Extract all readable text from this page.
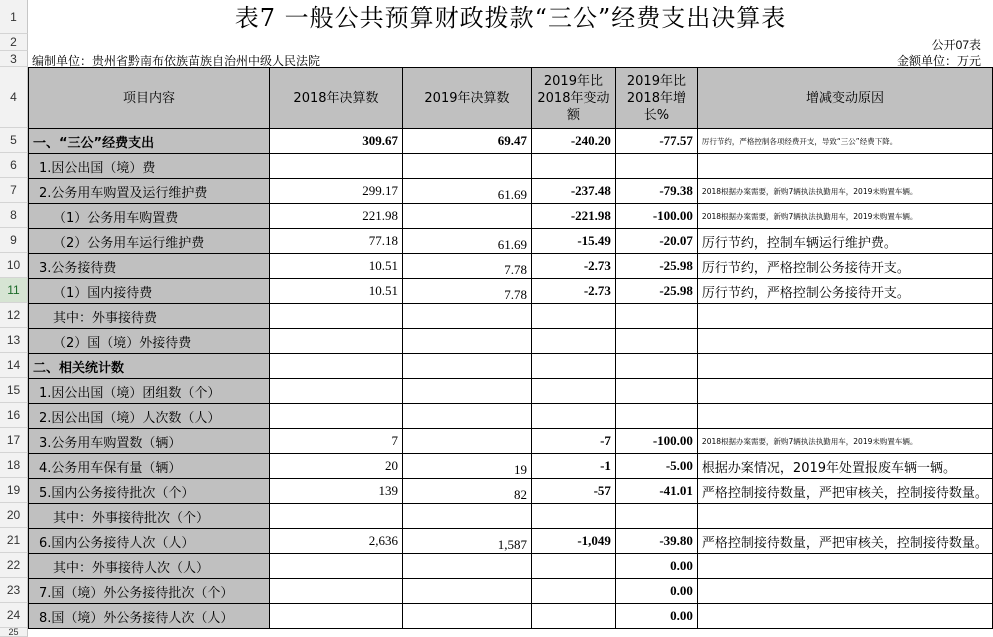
1
2
3
4
5
6
7
8
9
10
11
12
13
14
15
16
17
18
19
20
21
22
23
24
25
表7 一般公共预算财政拨款“三公”经费支出决算表
公开07表
编制单位：贵州省黔南布依族苗族自治州中级人民法院	金额单位：万元
项目内容	2018年决算数	2019年决算数	2019年比2018年变动额	2019年比2018年增长%	增减变动原因
一、“三公”经费支出	309.67	69.47	-240.20	-77.57	厉行节约，严格控制各项经费开支，导致“三公”经费下降。
1.因公出国（境）费					
2.公务用车购置及运行维护费	299.17	61.69	-237.48	-79.38	2018根据办案需要，新购7辆执法执勤用车，2019未购置车辆。
（1）公务用车购置费	221.98		-221.98	-100.00	2018根据办案需要，新购7辆执法执勤用车，2019未购置车辆。
（2）公务用车运行维护费	77.18	61.69	-15.49	-20.07	厉行节约，控制车辆运行维护费。
3.公务接待费	10.51	7.78	-2.73	-25.98	厉行节约，严格控制公务接待开支。
（1）国内接待费	10.51	7.78	-2.73	-25.98	厉行节约，严格控制公务接待开支。
其中：外事接待费					
（2）国（境）外接待费					
二、相关统计数					
1.因公出国（境）团组数（个）					
2.因公出国（境）人次数（人）					
3.公务用车购置数（辆）	7		-7	-100.00	2018根据办案需要，新购7辆执法执勤用车，2019未购置车辆。
4.公务用车保有量（辆）	20	19	-1	-5.00	根据办案情况，2019年处置报废车辆一辆。
5.国内公务接待批次（个）	139	82	-57	-41.01	严格控制接待数量，严把审核关，控制接待数量。
其中：外事接待批次（个）					
6.国内公务接待人次（人）	2,636	1,587	-1,049	-39.80	严格控制接待数量，严把审核关，控制接待数量。
其中：外事接待人次（人）				0.00	
7.国（境）外公务接待批次（个）				0.00	
8.国（境）外公务接待人次（人）				0.00	
